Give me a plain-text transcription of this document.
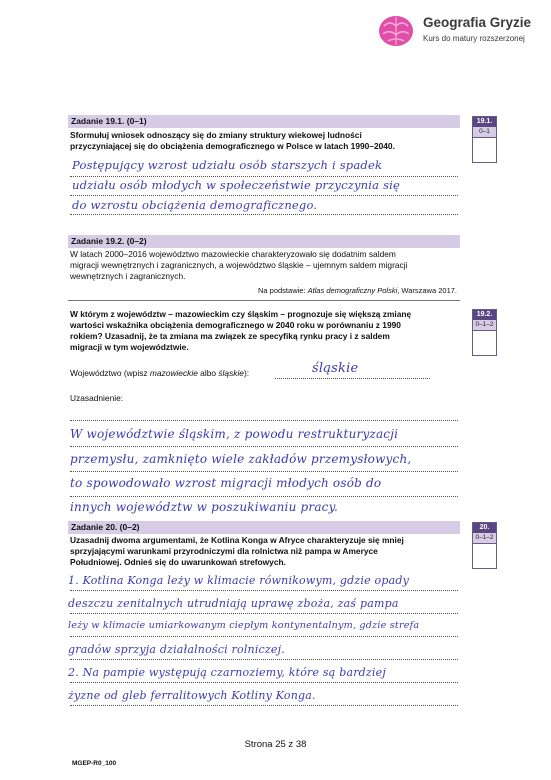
Geografia Gryzie
Kurs do matury rozszerzonej
Zadanie 19.1. (0–1)
Sformułuj wniosek odnoszący się do zmiany struktury wiekowej ludności
przyczyniającej się do obciążenia demograficznego w Polsce w latach 1990–2040.
19.1.
0–1
Postępujący wzrost udziału osób starszych i spadek
udziału osób młodych w społeczeństwie przyczynia się
do wzrostu obciążenia demograficznego.
Zadanie 19.2. (0–2)
W latach 2000–2016 województwo mazowieckie charakteryzowało się dodatnim saldem
migracji wewnętrznych i zagranicznych, a województwo śląskie – ujemnym saldem migracji
wewnętrznych i zagranicznych.
Na podstawie: Atlas demograficzny Polski, Warszawa 2017.
W którym z województw – mazowieckim czy śląskim – prognozuje się większą zmianę
wartości wskaźnika obciążenia demograficznego w 2040 roku w porównaniu z 1990
rokiem? Uzasadnij, że ta zmiana ma związek ze specyfiką rynku pracy i z saldem
migracji w tym województwie.
19.2.
0–1–2
Województwo (wpisz mazowieckie albo śląskie):	śląskie
Uzasadnienie:
W województwie śląskim, z powodu restrukturyzacji
przemysłu, zamknięto wiele zakładów przemysłowych,
to spowodowało wzrost migracji młodych osób do
innych województw w poszukiwaniu pracy.
Zadanie 20. (0–2)
Uzasadnij dwoma argumentami, że Kotlina Konga w Afryce charakteryzuje się mniej
sprzyjającymi warunkami przyrodniczymi dla rolnictwa niż pampa w Ameryce
Południowej. Odnieś się do uwarunkowań strefowych.
20.
0–1–2
1. Kotlina Konga leży w klimacie równikowym, gdzie opady
deszczu zenitalnych utrudniają uprawę zboża, zaś pampa
leży w klimacie umiarkowanym ciepłym kontynentalnym, gdzie strefa
gradów sprzyja działalności rolniczej.
2. Na pampie występują czarnoziemy, które są bardziej
żyzne od gleb ferralitowych Kotliny Konga.
Strona 25 z 38
MGEP-R0_100
